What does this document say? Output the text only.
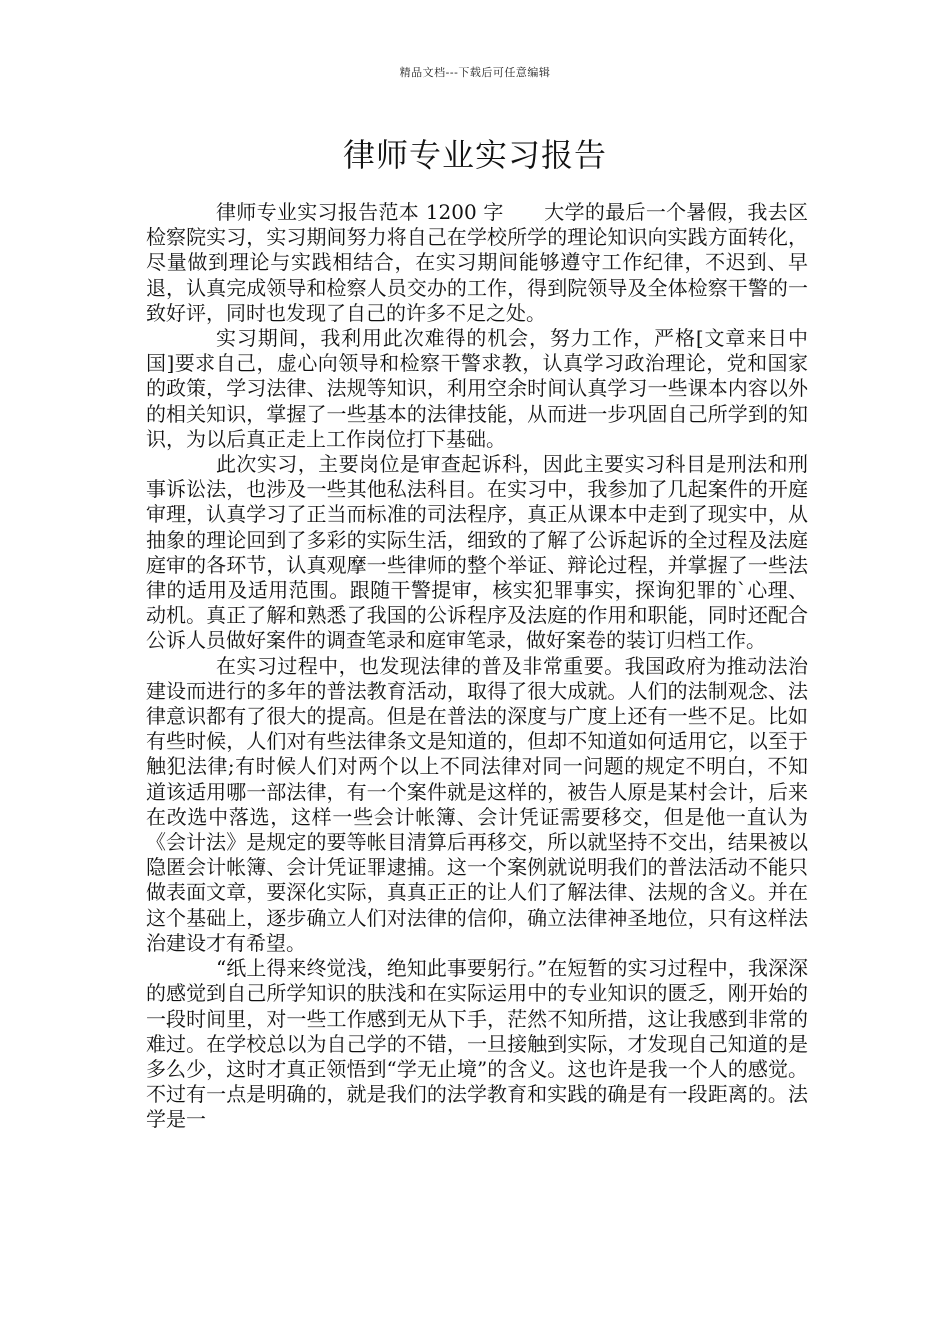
精品文档---下载后可任意编辑
律师专业实习报告

律师专业实习报告范本 1200 字　　大学的最后一个暑假，我去区检察院实习，实习期间努力将自己在学校所学的理论知识向实践方面转化，尽量做到理论与实践相结合，在实习期间能够遵守工作纪律，不迟到、早退，认真完成领导和检察人员交办的工作，得到院领导及全体检察干警的一致好评，同时也发现了自己的许多不足之处。

实习期间，我利用此次难得的机会，努力工作，严格[文章来日中国]要求自己，虚心向领导和检察干警求教，认真学习政治理论，党和国家的政策，学习法律、法规等知识，利用空余时间认真学习一些课本内容以外的相关知识，掌握了一些基本的法律技能，从而进一步巩固自己所学到的知识，为以后真正走上工作岗位打下基础。

此次实习，主要岗位是审查起诉科，因此主要实习科目是刑法和刑事诉讼法，也涉及一些其他私法科目。在实习中，我参加了几起案件的开庭审理，认真学习了正当而标准的司法程序，真正从课本中走到了现实中，从抽象的理论回到了多彩的实际生活，细致的了解了公诉起诉的全过程及法庭庭审的各环节，认真观摩一些律师的整个举证、辩论过程，并掌握了一些法律的适用及适用范围。跟随干警提审，核实犯罪事实，探询犯罪的`心理、动机。真正了解和熟悉了我国的公诉程序及法庭的作用和职能，同时还配合公诉人员做好案件的调查笔录和庭审笔录，做好案卷的装订归档工作。

在实习过程中，也发现法律的普及非常重要。我国政府为推动法治建设而进行的多年的普法教育活动，取得了很大成就。人们的法制观念、法律意识都有了很大的提高。但是在普法的深度与广度上还有一些不足。比如有些时候，人们对有些法律条文是知道的，但却不知道如何适用它，以至于触犯法律;有时候人们对两个以上不同法律对同一问题的规定不明白，不知道该适用哪一部法律，有一个案件就是这样的，被告人原是某村会计，后来在改选中落选，这样一些会计帐簿、会计凭证需要移交，但是他一直认为《会计法》是规定的要等帐目清算后再移交，所以就坚持不交出，结果被以隐匿会计帐簿、会计凭证罪逮捕。这一个案例就说明我们的普法活动不能只做表面文章，要深化实际，真真正正的让人们了解法律、法规的含义。并在这个基础上，逐步确立人们对法律的信仰，确立法律神圣地位，只有这样法治建设才有希望。

“纸上得来终觉浅，绝知此事要躬行。”在短暂的实习过程中，我深深的感觉到自己所学知识的肤浅和在实际运用中的专业知识的匮乏，刚开始的一段时间里，对一些工作感到无从下手，茫然不知所措，这让我感到非常的难过。在学校总以为自己学的不错，一旦接触到实际，才发现自己知道的是多么少，这时才真正领悟到“学无止境”的含义。这也许是我一个人的感觉。不过有一点是明确的，就是我们的法学教育和实践的确是有一段距离的。法学是一
